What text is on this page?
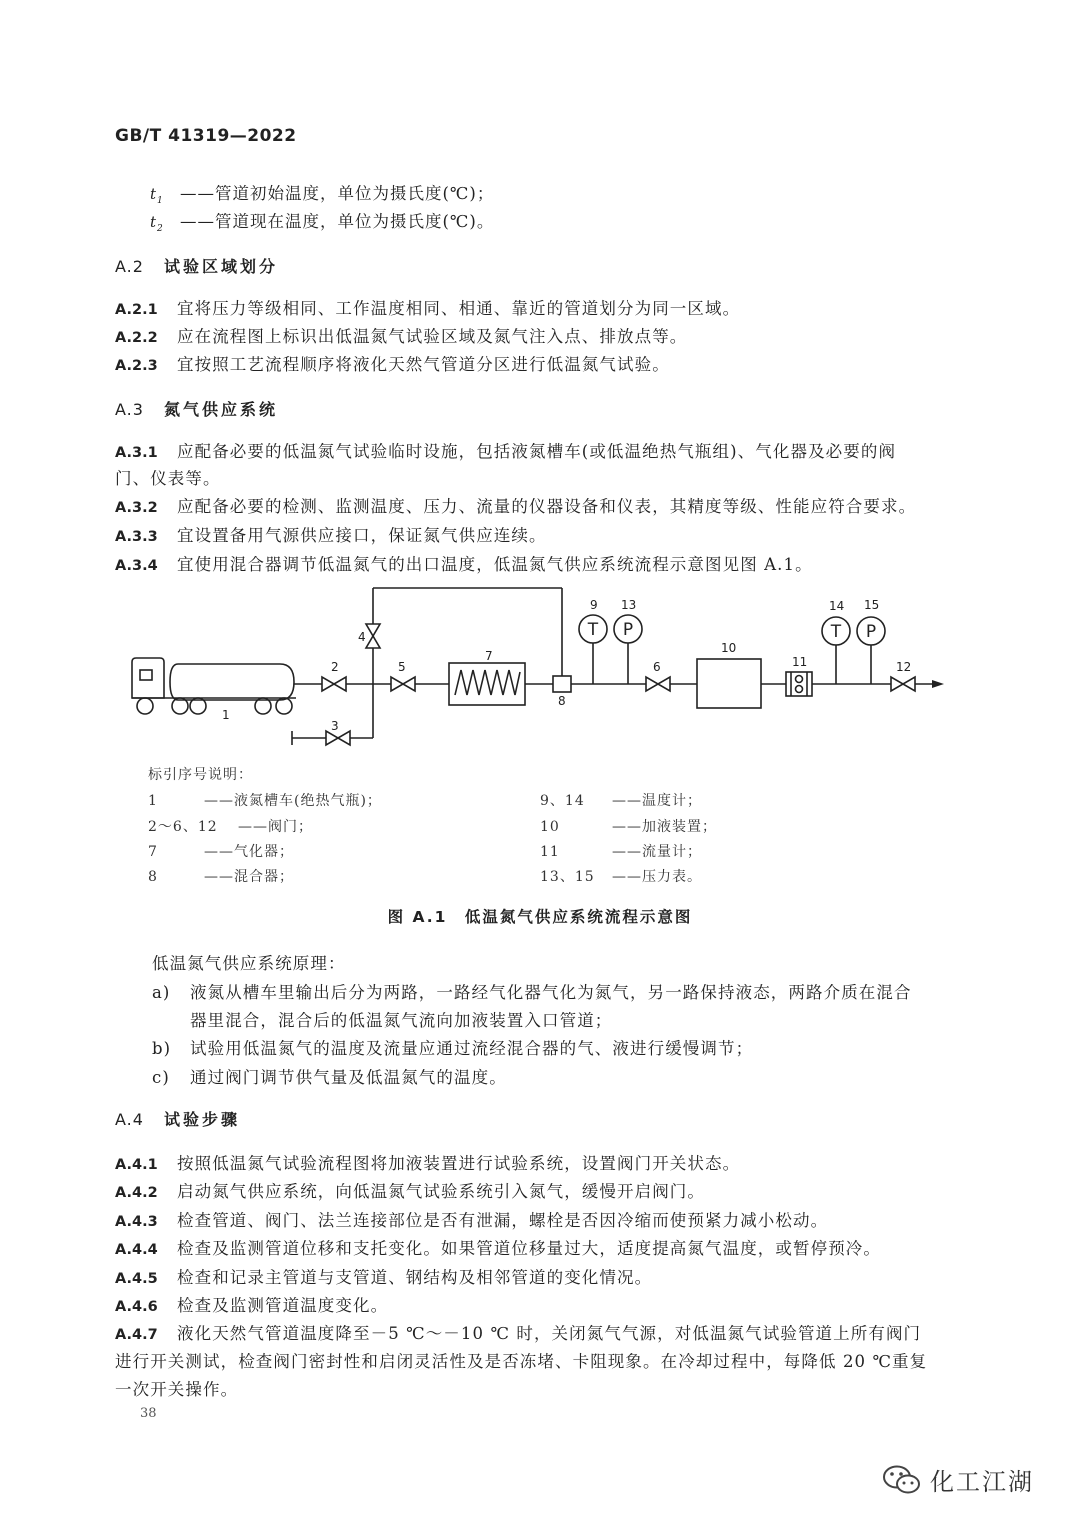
GB/T 41319—2022
$t_1$ ——管道初始温度，单位为摄氏度(℃)；
$t_2$ ——管道现在温度，单位为摄氏度(℃)。
A.2 试验区域划分
A.2.1 宜将压力等级相同、工作温度相同、相通、靠近的管道划分为同一区域。
A.2.2 应在流程图上标识出低温氮气试验区域及氮气注入点、排放点等。
A.2.3 宜按照工艺流程顺序将液化天然气管道分区进行低温氮气试验。
A.3 氮气供应系统
A.3.1 应配备必要的低温氮气试验临时设施，包括液氮槽车(或低温绝热气瓶组)、气化器及必要的阀
门、仪表等。
A.3.2 应配备必要的检测、监测温度、压力、流量的仪器设备和仪表，其精度等级、性能应符合要求。
A.3.3 宜设置备用气源供应接口，保证氮气供应连续。
A.3.4 宜使用混合器调节低温氮气的出口温度，低温氮气供应系统流程示意图见图 A.1。
T P	T P
1
2
3
4
5	6
7
8
9
10
11	12
13	14 15
标引序号说明：
1	——液氮槽车(绝热气瓶)；
2～6、12 ——阀门；
7	——气化器；
8	——混合器；
9、14 ——温度计；
10	——加液装置；
11	——流量计；
13、15 ——压力表。
图 A.1　低温氮气供应系统流程示意图
低温氮气供应系统原理：
a) 液氮从槽车里输出后分为两路，一路经气化器气化为氮气，另一路保持液态，两路介质在混合
器里混合，混合后的低温氮气流向加液装置入口管道；
b) 试验用低温氮气的温度及流量应通过流经混合器的气、液进行缓慢调节；
c) 通过阀门调节供气量及低温氮气的温度。
A.4 试验步骤
A.4.1 按照低温氮气试验流程图将加液装置进行试验系统，设置阀门开关状态。
A.4.2 启动氮气供应系统，向低温氮气试验系统引入氮气，缓慢开启阀门。
A.4.3 检查管道、阀门、法兰连接部位是否有泄漏，螺栓是否因冷缩而使预紧力减小松动。
A.4.4 检查及监测管道位移和支托变化。如果管道位移量过大，适度提高氮气温度，或暂停预冷。
A.4.5 检查和记录主管道与支管道、钢结构及相邻管道的变化情况。
A.4.6 检查及监测管道温度变化。
A.4.7 液化天然气管道温度降至－5 ℃～－10 ℃ 时，关闭氮气气源，对低温氮气试验管道上所有阀门
进行开关测试，检查阀门密封性和启闭灵活性及是否冻堵、卡阻现象。在冷却过程中，每降低 20 ℃重复
一次开关操作。
38
化工江湖
